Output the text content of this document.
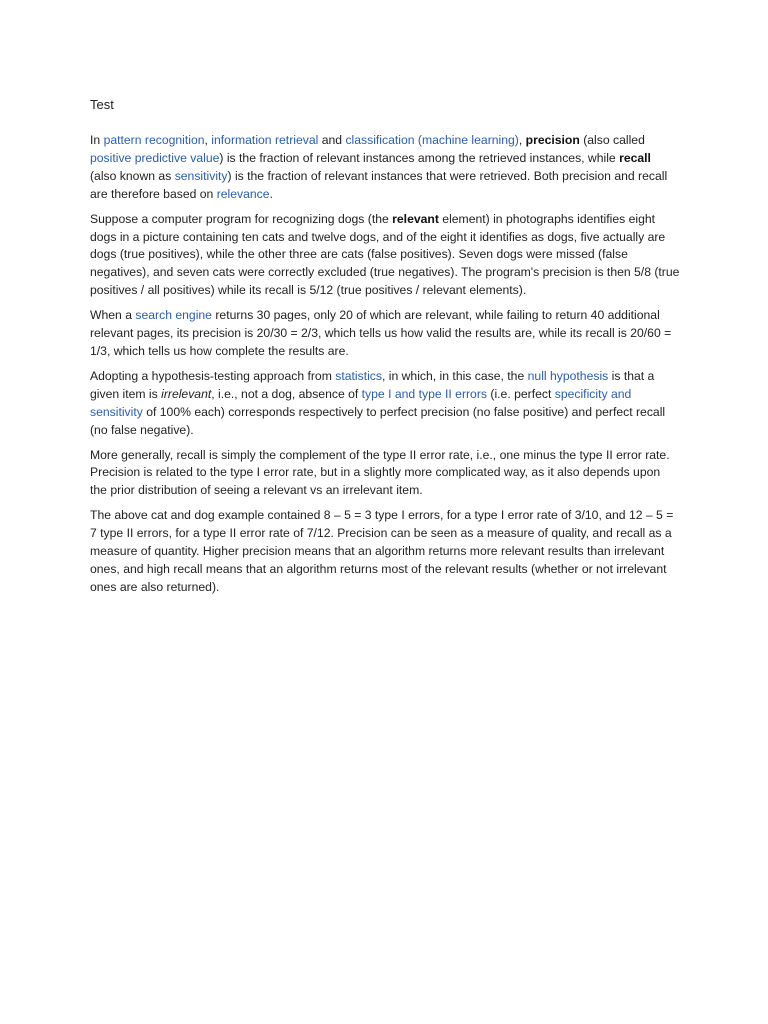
Test

In pattern recognition, information retrieval and classification (machine learning), precision (also called positive predictive value) is the fraction of relevant instances among the retrieved instances, while recall (also known as sensitivity) is the fraction of relevant instances that were retrieved. Both precision and recall are therefore based on relevance.

Suppose a computer program for recognizing dogs (the relevant element) in photographs identifies eight dogs in a picture containing ten cats and twelve dogs, and of the eight it identifies as dogs, five actually are dogs (true positives), while the other three are cats (false positives). Seven dogs were missed (false negatives), and seven cats were correctly excluded (true negatives). The program's precision is then 5/8 (true positives / all positives) while its recall is 5/12 (true positives / relevant elements).

When a search engine returns 30 pages, only 20 of which are relevant, while failing to return 40 additional relevant pages, its precision is 20/30 = 2/3, which tells us how valid the results are, while its recall is 20/60 = 1/3, which tells us how complete the results are.

Adopting a hypothesis-testing approach from statistics, in which, in this case, the null hypothesis is that a given item is irrelevant, i.e., not a dog, absence of type I and type II errors (i.e. perfect specificity and sensitivity of 100% each) corresponds respectively to perfect precision (no false positive) and perfect recall (no false negative).

More generally, recall is simply the complement of the type II error rate, i.e., one minus the type II error rate. Precision is related to the type I error rate, but in a slightly more complicated way, as it also depends upon the prior distribution of seeing a relevant vs an irrelevant item.

The above cat and dog example contained 8 – 5 = 3 type I errors, for a type I error rate of 3/10, and 12 – 5 = 7 type II errors, for a type II error rate of 7/12. Precision can be seen as a measure of quality, and recall as a measure of quantity. Higher precision means that an algorithm returns more relevant results than irrelevant ones, and high recall means that an algorithm returns most of the relevant results (whether or not irrelevant ones are also returned).
